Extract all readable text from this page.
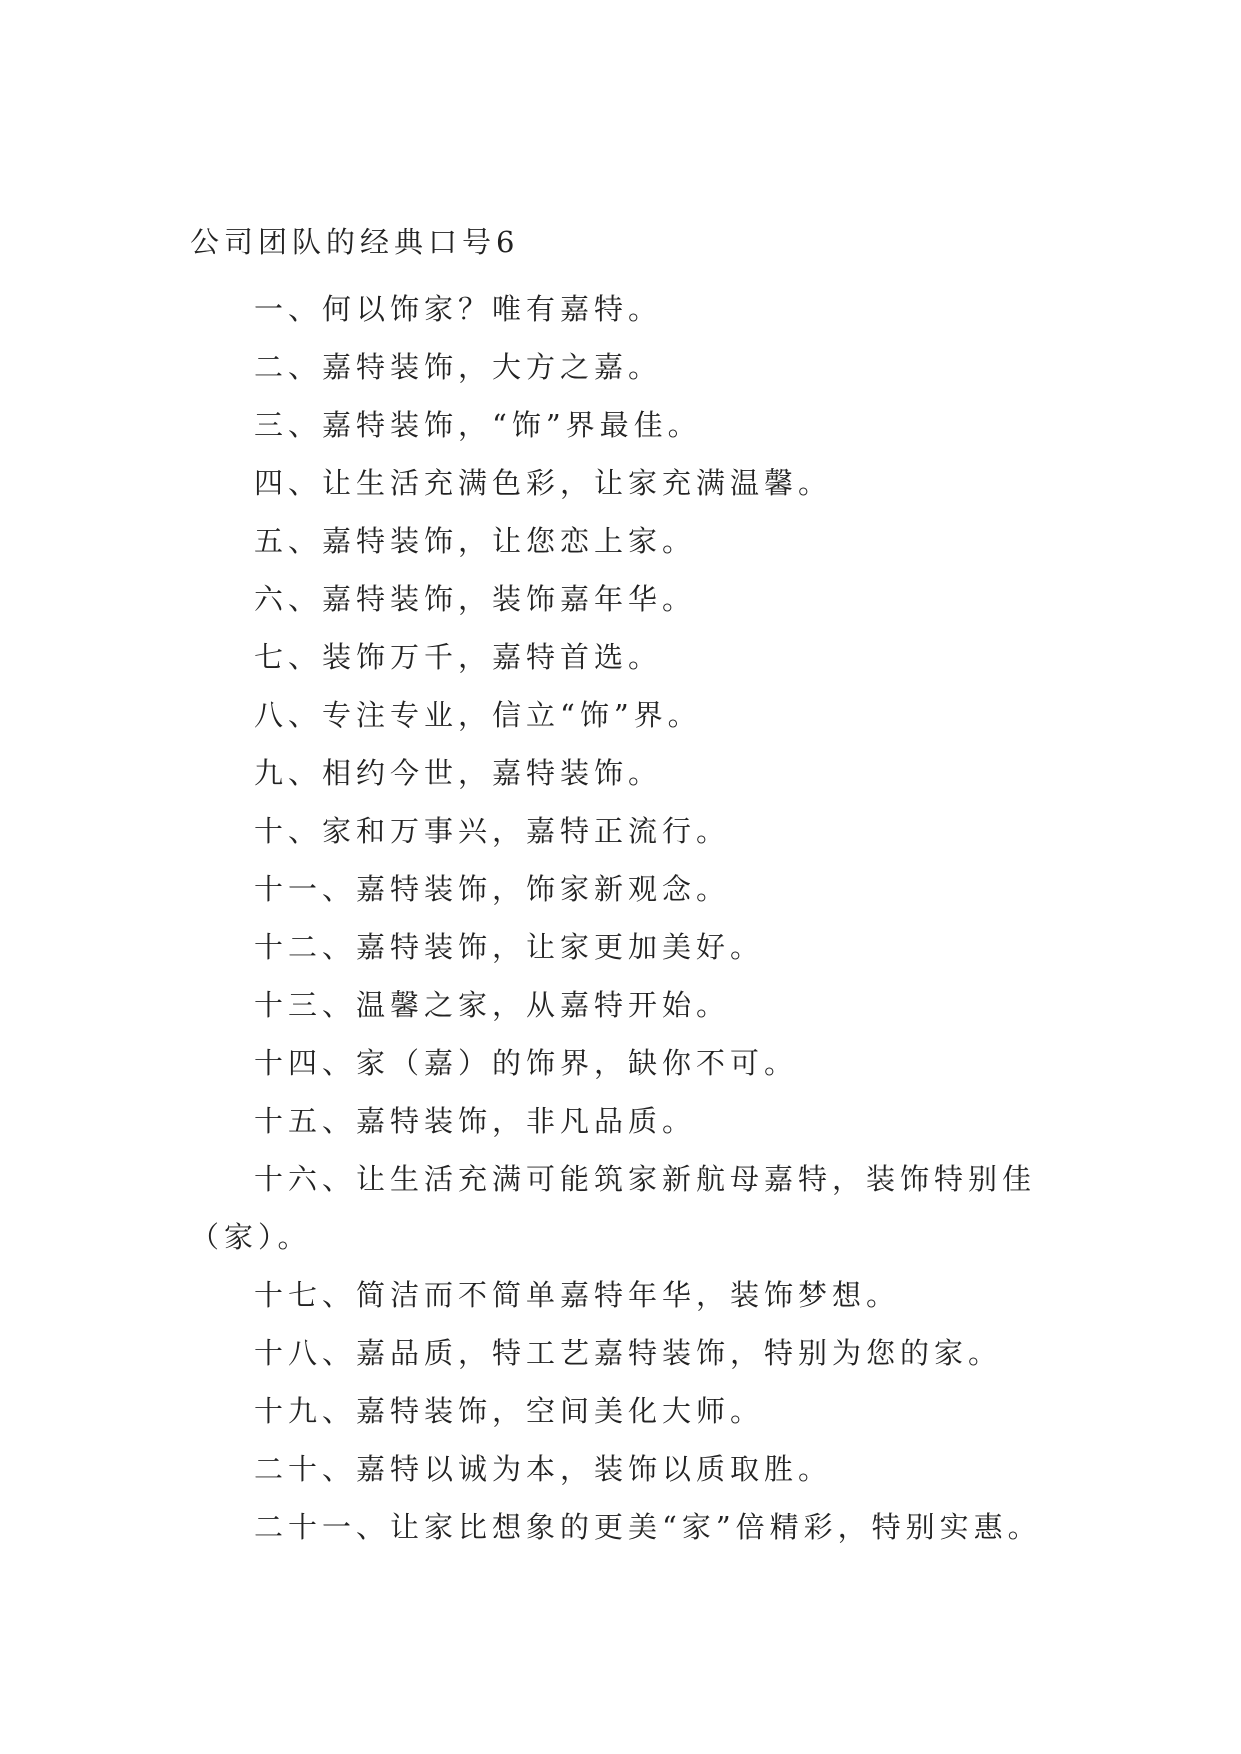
公司团队的经典口号6
一、何以饰家？唯有嘉特。
二、嘉特装饰，大方之嘉。
三、嘉特装饰，“饰”界最佳。
四、让生活充满色彩，让家充满温馨。
五、嘉特装饰，让您恋上家。
六、嘉特装饰，装饰嘉年华。
七、装饰万千，嘉特首选。
八、专注专业，信立“饰”界。
九、相约今世，嘉特装饰。
十、家和万事兴，嘉特正流行。
十一、嘉特装饰，饰家新观念。
十二、嘉特装饰，让家更加美好。
十三、温馨之家，从嘉特开始。
十四、家（嘉）的饰界，缺你不可。
十五、嘉特装饰，非凡品质。
十六、让生活充满可能筑家新航母嘉特，装饰特别佳（家）。
十七、简洁而不简单嘉特年华，装饰梦想。
十八、嘉品质，特工艺嘉特装饰，特别为您的家。
十九、嘉特装饰，空间美化大师。
二十、嘉特以诚为本，装饰以质取胜。
二十一、让家比想象的更美“家”倍精彩，特别实惠。
